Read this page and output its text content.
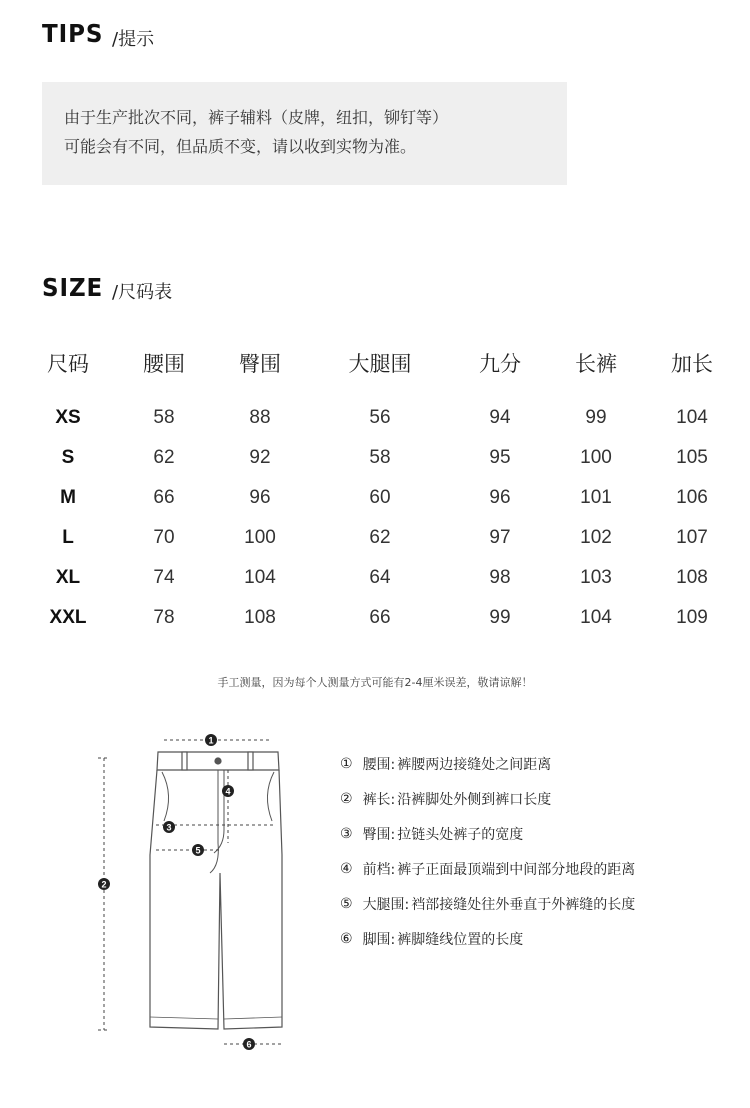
TIPS /提示
由于生产批次不同，裤子辅料（皮牌，纽扣，铆钉等）
可能会有不同，但品质不变，请以收到实物为准。
SIZE /尺码表
尺码	腰围	臀围	大腿围	九分	长裤	加长

XS	58	88	56	94	99	104
S	62	92	58	95	100	105
M	66	96	60	96	101	106
L	70	100	62	97	102	107
XL	74	104	64	98	103	108
XXL	78	108	66	99	104	109
手工测量，因为每个人测量方式可能有2-4厘米误差，敬请谅解！
1
2
3
4
5
6
① 腰围: 裤腰两边接缝处之间距离
② 裤长: 沿裤脚处外侧到裤口长度
③ 臀围: 拉链头处裤子的宽度
④ 前档: 裤子正面最顶端到中间部分地段的距离
⑤ 大腿围: 裆部接缝处往外垂直于外裤缝的长度
⑥ 脚围: 裤脚缝线位置的长度
